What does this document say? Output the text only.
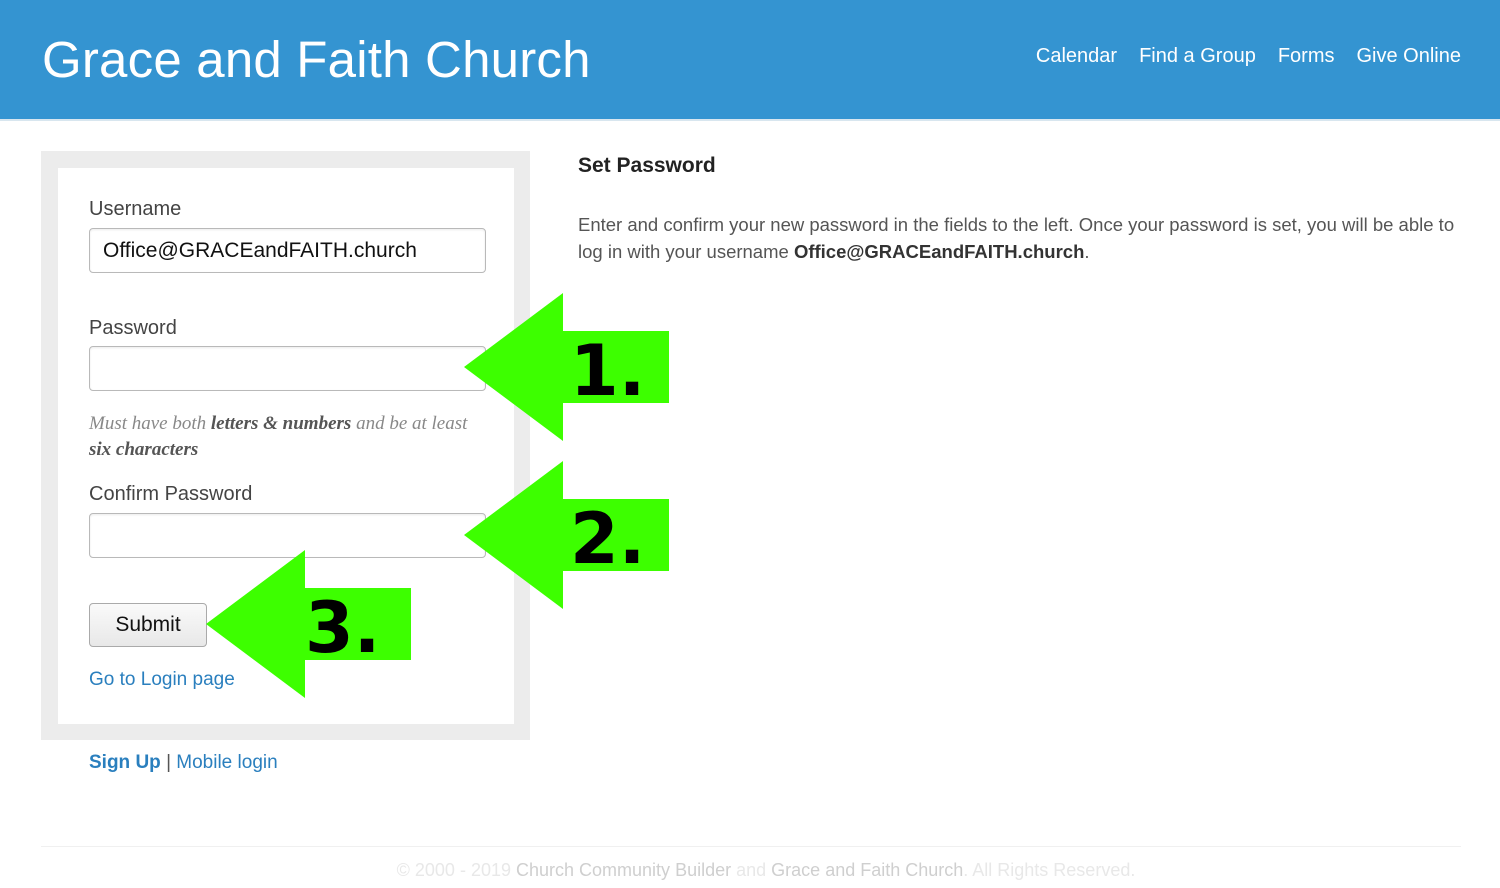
Grace and Faith Church	Calendar Find a Group Forms Give Online
Username
Office@GRACEandFAITH.church
Password
Must have both letters & numbers and be at least six characters
Confirm Password
Submit
Go to Login page
Sign Up | Mobile login
Set Password
Enter and confirm your new password in the fields to the left. Once your password is set, you will be able to log in with your username Office@GRACEandFAITH.church.
1.
2.
3.
© 2000 - 2019 Church Community Builder and Grace and Faith Church. All Rights Reserved.
